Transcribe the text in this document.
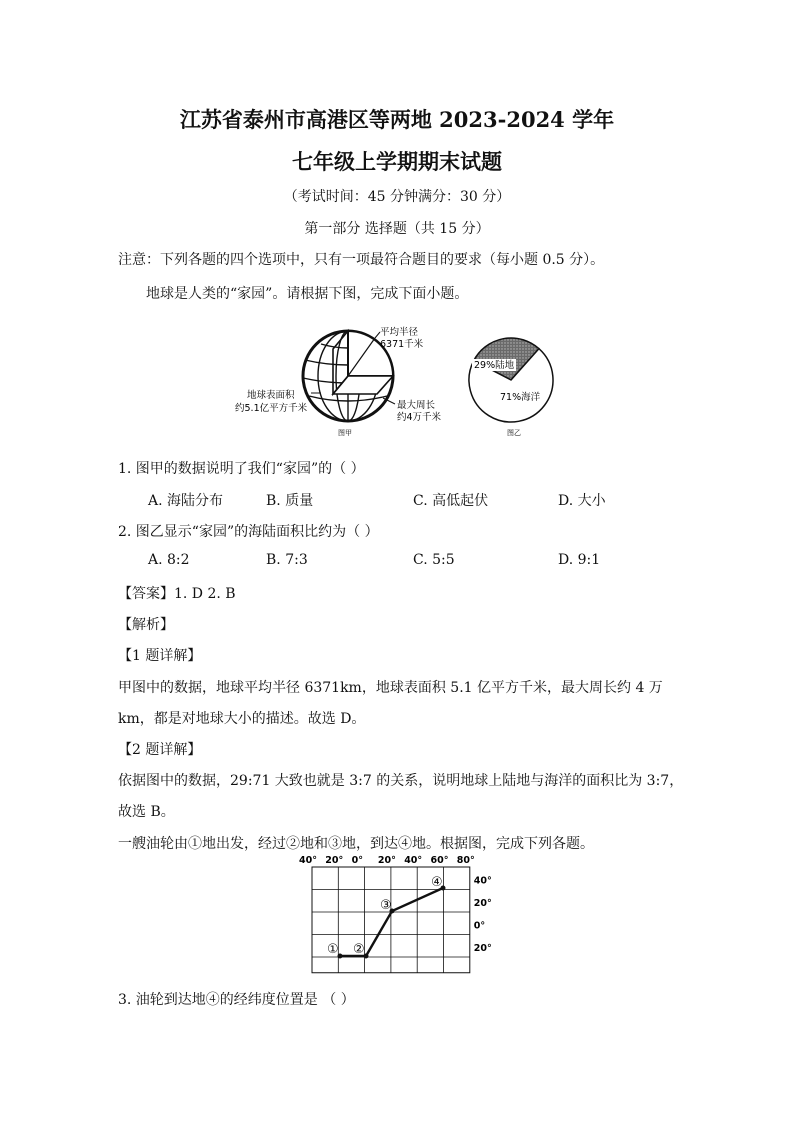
江苏省泰州市高港区等两地 2023-2024 学年
七年级上学期期末试题
（考试时间：45 分钟满分：30 分）
第一部分 选择题（共 15 分）
注意：下列各题的四个选项中，只有一项最符合题目的要求（每小题 0.5 分）。
地球是人类的“家园”。请根据下图，完成下面小题。
平均半径
6371千米
地球表面积
约5.1亿平方千米	最大周长
约4万千米
图甲
29%陆地
71%海洋
图乙
1. 图甲的数据说明了我们“家园”的（ ）
A. 海陆分布	B. 质量	C. 高低起伏	D. 大小
2. 图乙显示“家园”的海陆面积比约为（ ）
A. 8:2	B. 7:3	C. 5:5	D. 9:1
【答案】1. D 2. B
【解析】
【1 题详解】
甲图中的数据，地球平均半径 6371km，地球表面积 5.1 亿平方千米，最大周长约 4 万
km，都是对地球大小的描述。故选 D。
【2 题详解】
依据图中的数据，29:71 大致也就是 3:7 的关系，说明地球上陆地与海洋的面积比为 3:7，
故选 B。
一艘油轮由①地出发，经过②地和③地，到达④地。根据图，完成下列各题。
40° 20° 0° 20° 40° 60° 80°
40°
20°
0°
20°
① ②
③
④
3. 油轮到达地④的经纬度位置是 （ ）
